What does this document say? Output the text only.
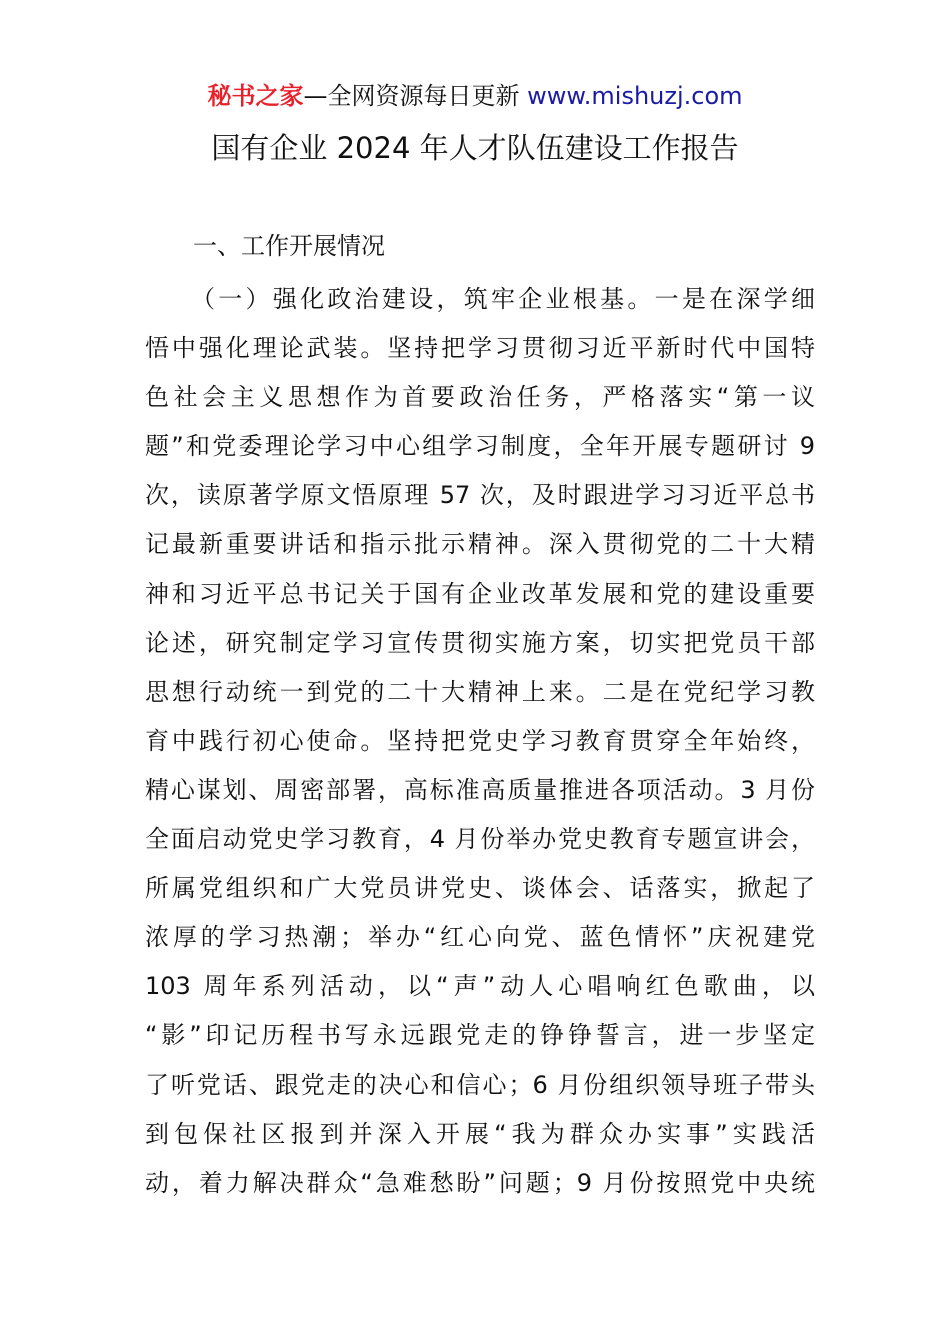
秘书之家—全网资源每日更新 www.mishuzj.com
国有企业 2024 年人才队伍建设工作报告
一、工作开展情况
（一）强化政治建设，筑牢企业根基。一是在深学细
悟中强化理论武装。坚持把学习贯彻习近平新时代中国特
色社会主义思想作为首要政治任务，严格落实“第一议
题”和党委理论学习中心组学习制度，全年开展专题研讨 9
次，读原著学原文悟原理 57 次，及时跟进学习习近平总书
记最新重要讲话和指示批示精神。深入贯彻党的二十大精
神和习近平总书记关于国有企业改革发展和党的建设重要
论述，研究制定学习宣传贯彻实施方案，切实把党员干部
思想行动统一到党的二十大精神上来。二是在党纪学习教
育中践行初心使命。坚持把党史学习教育贯穿全年始终，
精心谋划、周密部署，高标准高质量推进各项活动。3 月份
全面启动党史学习教育，4 月份举办党史教育专题宣讲会，
所属党组织和广大党员讲党史、谈体会、话落实，掀起了
浓厚的学习热潮；举办“红心向党、蓝色情怀”庆祝建党
103 周年系列活动，以“声”动人心唱响红色歌曲，以
“影”印记历程书写永远跟党走的铮铮誓言，进一步坚定
了听党话、跟党走的决心和信心；6 月份组织领导班子带头
到包保社区报到并深入开展“我为群众办实事”实践活
动，着力解决群众“急难愁盼”问题；9 月份按照党中央统
